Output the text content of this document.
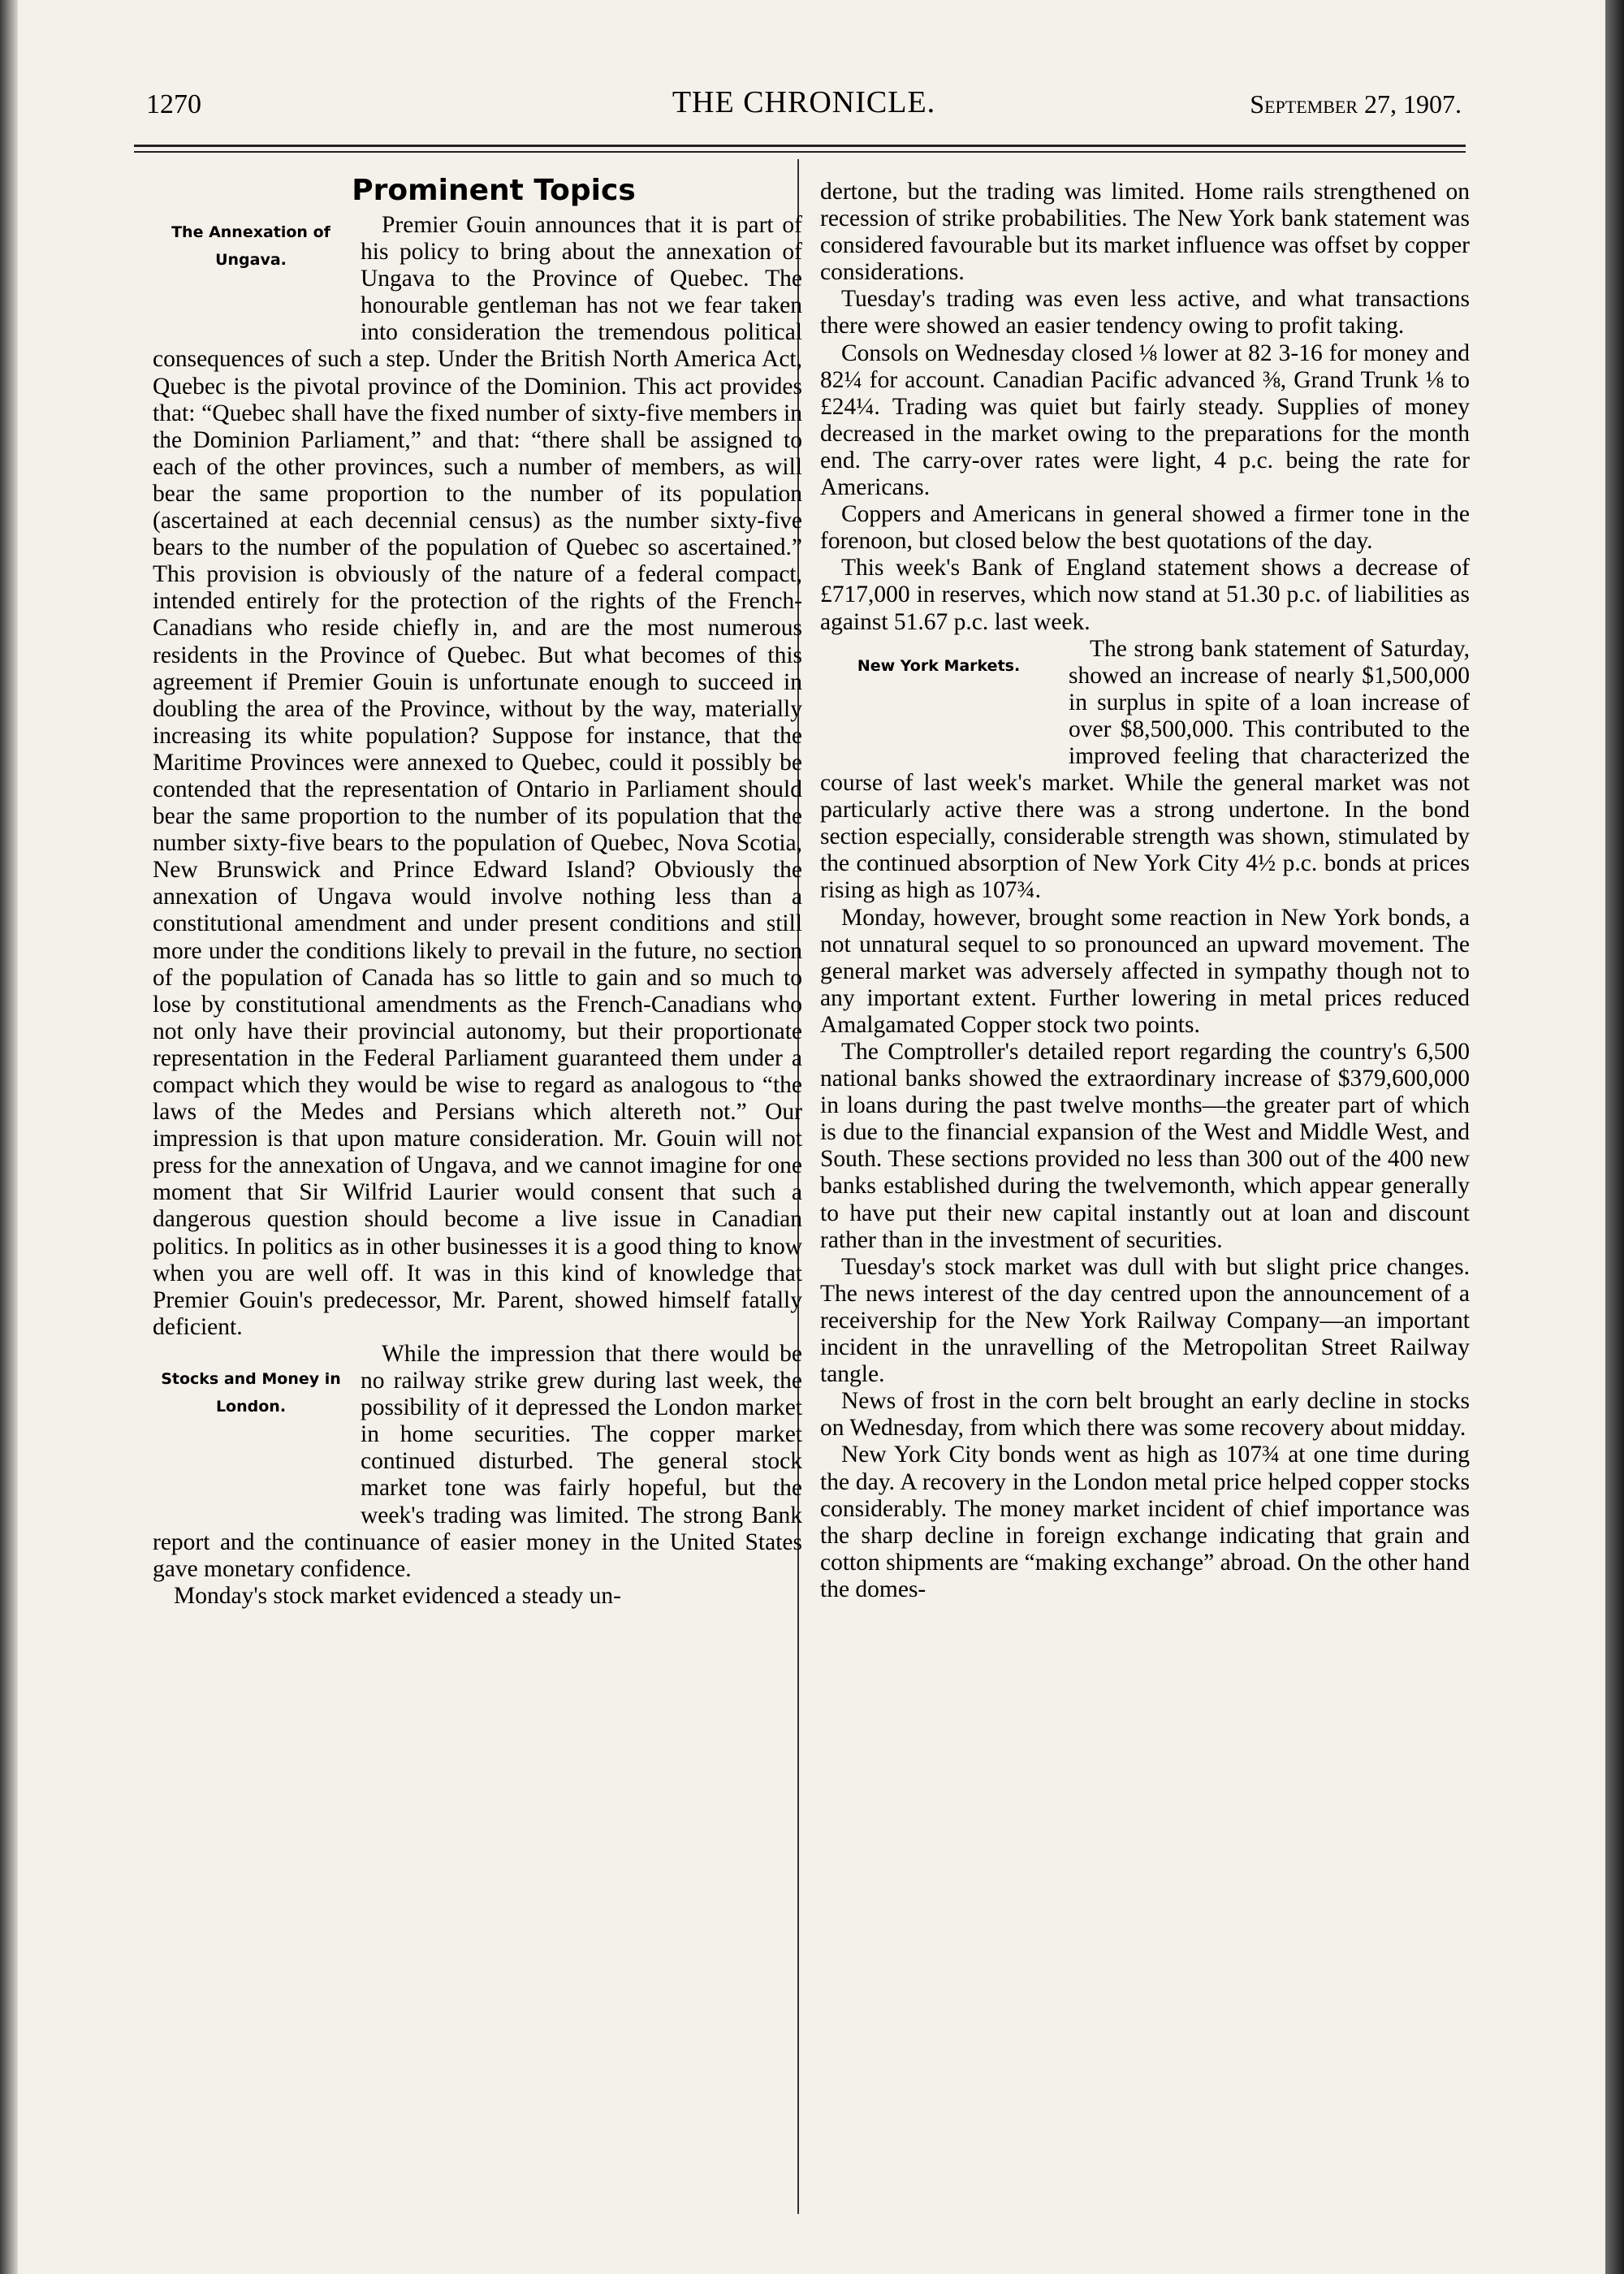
1270	THE CHRONICLE.	September 27, 1907.
Prominent Topics
The Annexation of Ungava.

Premier Gouin announces that it is part of his policy to bring about the annexation of Ungava to the Province of Quebec. The honourable gentleman has not we fear taken into consideration the tremendous political consequences of such a step. Under the British North America Act, Quebec is the pivotal province of the Dominion. This act provides that: “Quebec shall have the fixed number of sixty-five members in the Dominion Parliament,” and that: “there shall be assigned to each of the other provinces, such a number of members, as will bear the same proportion to the number of its population (ascertained at each decennial census) as the number sixty-five bears to the number of the population of Quebec so ascertained.” This provision is obviously of the nature of a federal compact, intended entirely for the protection of the rights of the French-Canadians who reside chiefly in, and are the most numerous residents in the Province of Quebec. But what becomes of this agreement if Premier Gouin is unfortunate enough to succeed in doubling the area of the Province, without by the way, materially increasing its white population? Suppose for instance, that the Maritime Provinces were annexed to Quebec, could it possibly be contended that the representation of Ontario in Parliament should bear the same proportion to the number of its population that the number sixty-five bears to the population of Quebec, Nova Scotia, New Brunswick and Prince Edward Island? Obviously the annexation of Ungava would involve nothing less than a constitutional amendment and under present conditions and still more under the conditions likely to prevail in the future, no section of the population of Canada has so little to gain and so much to lose by constitutional amendments as the French-Canadians who not only have their provincial autonomy, but their proportionate representation in the Federal Parliament guaranteed them under a compact which they would be wise to regard as analogous to “the laws of the Medes and Persians which altereth not.” Our impression is that upon mature consideration. Mr. Gouin will not press for the annexation of Ungava, and we cannot imagine for one moment that Sir Wilfrid Laurier would consent that such a dangerous question should become a live issue in Canadian politics. In politics as in other businesses it is a good thing to know when you are well off. It was in this kind of knowledge that Premier Gouin's predecessor, Mr. Parent, showed himself fatally deficient.

Stocks and Money in London.

While the impression that there would be no railway strike grew during last week, the possibility of it depressed the London market in home securities. The copper market continued disturbed. The general stock market tone was fairly hopeful, but the week's trading was limited. The strong Bank report and the continuance of easier money in the United States gave monetary confidence.

Monday's stock market evidenced a steady un-

dertone, but the trading was limited. Home rails strengthened on recession of strike probabilities. The New York bank statement was considered favourable but its market influence was offset by copper considerations.

Tuesday's trading was even less active, and what transactions there were showed an easier tendency owing to profit taking.

Consols on Wednesday closed ⅛ lower at 82 3-16 for money and 82¼ for account. Canadian Pacific advanced ⅜, Grand Trunk ⅛ to £24¼. Trading was quiet but fairly steady. Supplies of money decreased in the market owing to the preparations for the month end. The carry-over rates were light, 4 p.c. being the rate for Americans.

Coppers and Americans in general showed a firmer tone in the forenoon, but closed below the best quotations of the day.

This week's Bank of England statement shows a decrease of £717,000 in reserves, which now stand at 51.30 p.c. of liabilities as against 51.67 p.c. last week.

New York Markets.

The strong bank statement of Saturday, showed an increase of nearly $1,500,000 in surplus in spite of a loan increase of over $8,500,000. This contributed to the improved feeling that characterized the course of last week's market. While the general market was not particularly active there was a strong undertone. In the bond section especially, considerable strength was shown, stimulated by the continued absorption of New York City 4½ p.c. bonds at prices rising as high as 107¾.

Monday, however, brought some reaction in New York bonds, a not unnatural sequel to so pronounced an upward movement. The general market was adversely affected in sympathy though not to any important extent. Further lowering in metal prices reduced Amalgamated Copper stock two points.

The Comptroller's detailed report regarding the country's 6,500 national banks showed the extraordinary increase of $379,600,000 in loans during the past twelve months—the greater part of which is due to the financial expansion of the West and Middle West, and South. These sections provided no less than 300 out of the 400 new banks established during the twelvemonth, which appear generally to have put their new capital instantly out at loan and discount rather than in the investment of securities.

Tuesday's stock market was dull with but slight price changes. The news interest of the day centred upon the announcement of a receivership for the New York Railway Company—an important incident in the unravelling of the Metropolitan Street Railway tangle.

News of frost in the corn belt brought an early decline in stocks on Wednesday, from which there was some recovery about midday.

New York City bonds went as high as 107¾ at one time during the day. A recovery in the London metal price helped copper stocks considerably. The money market incident of chief importance was the sharp decline in foreign exchange indicating that grain and cotton shipments are “making exchange” abroad. On the other hand the domes-
